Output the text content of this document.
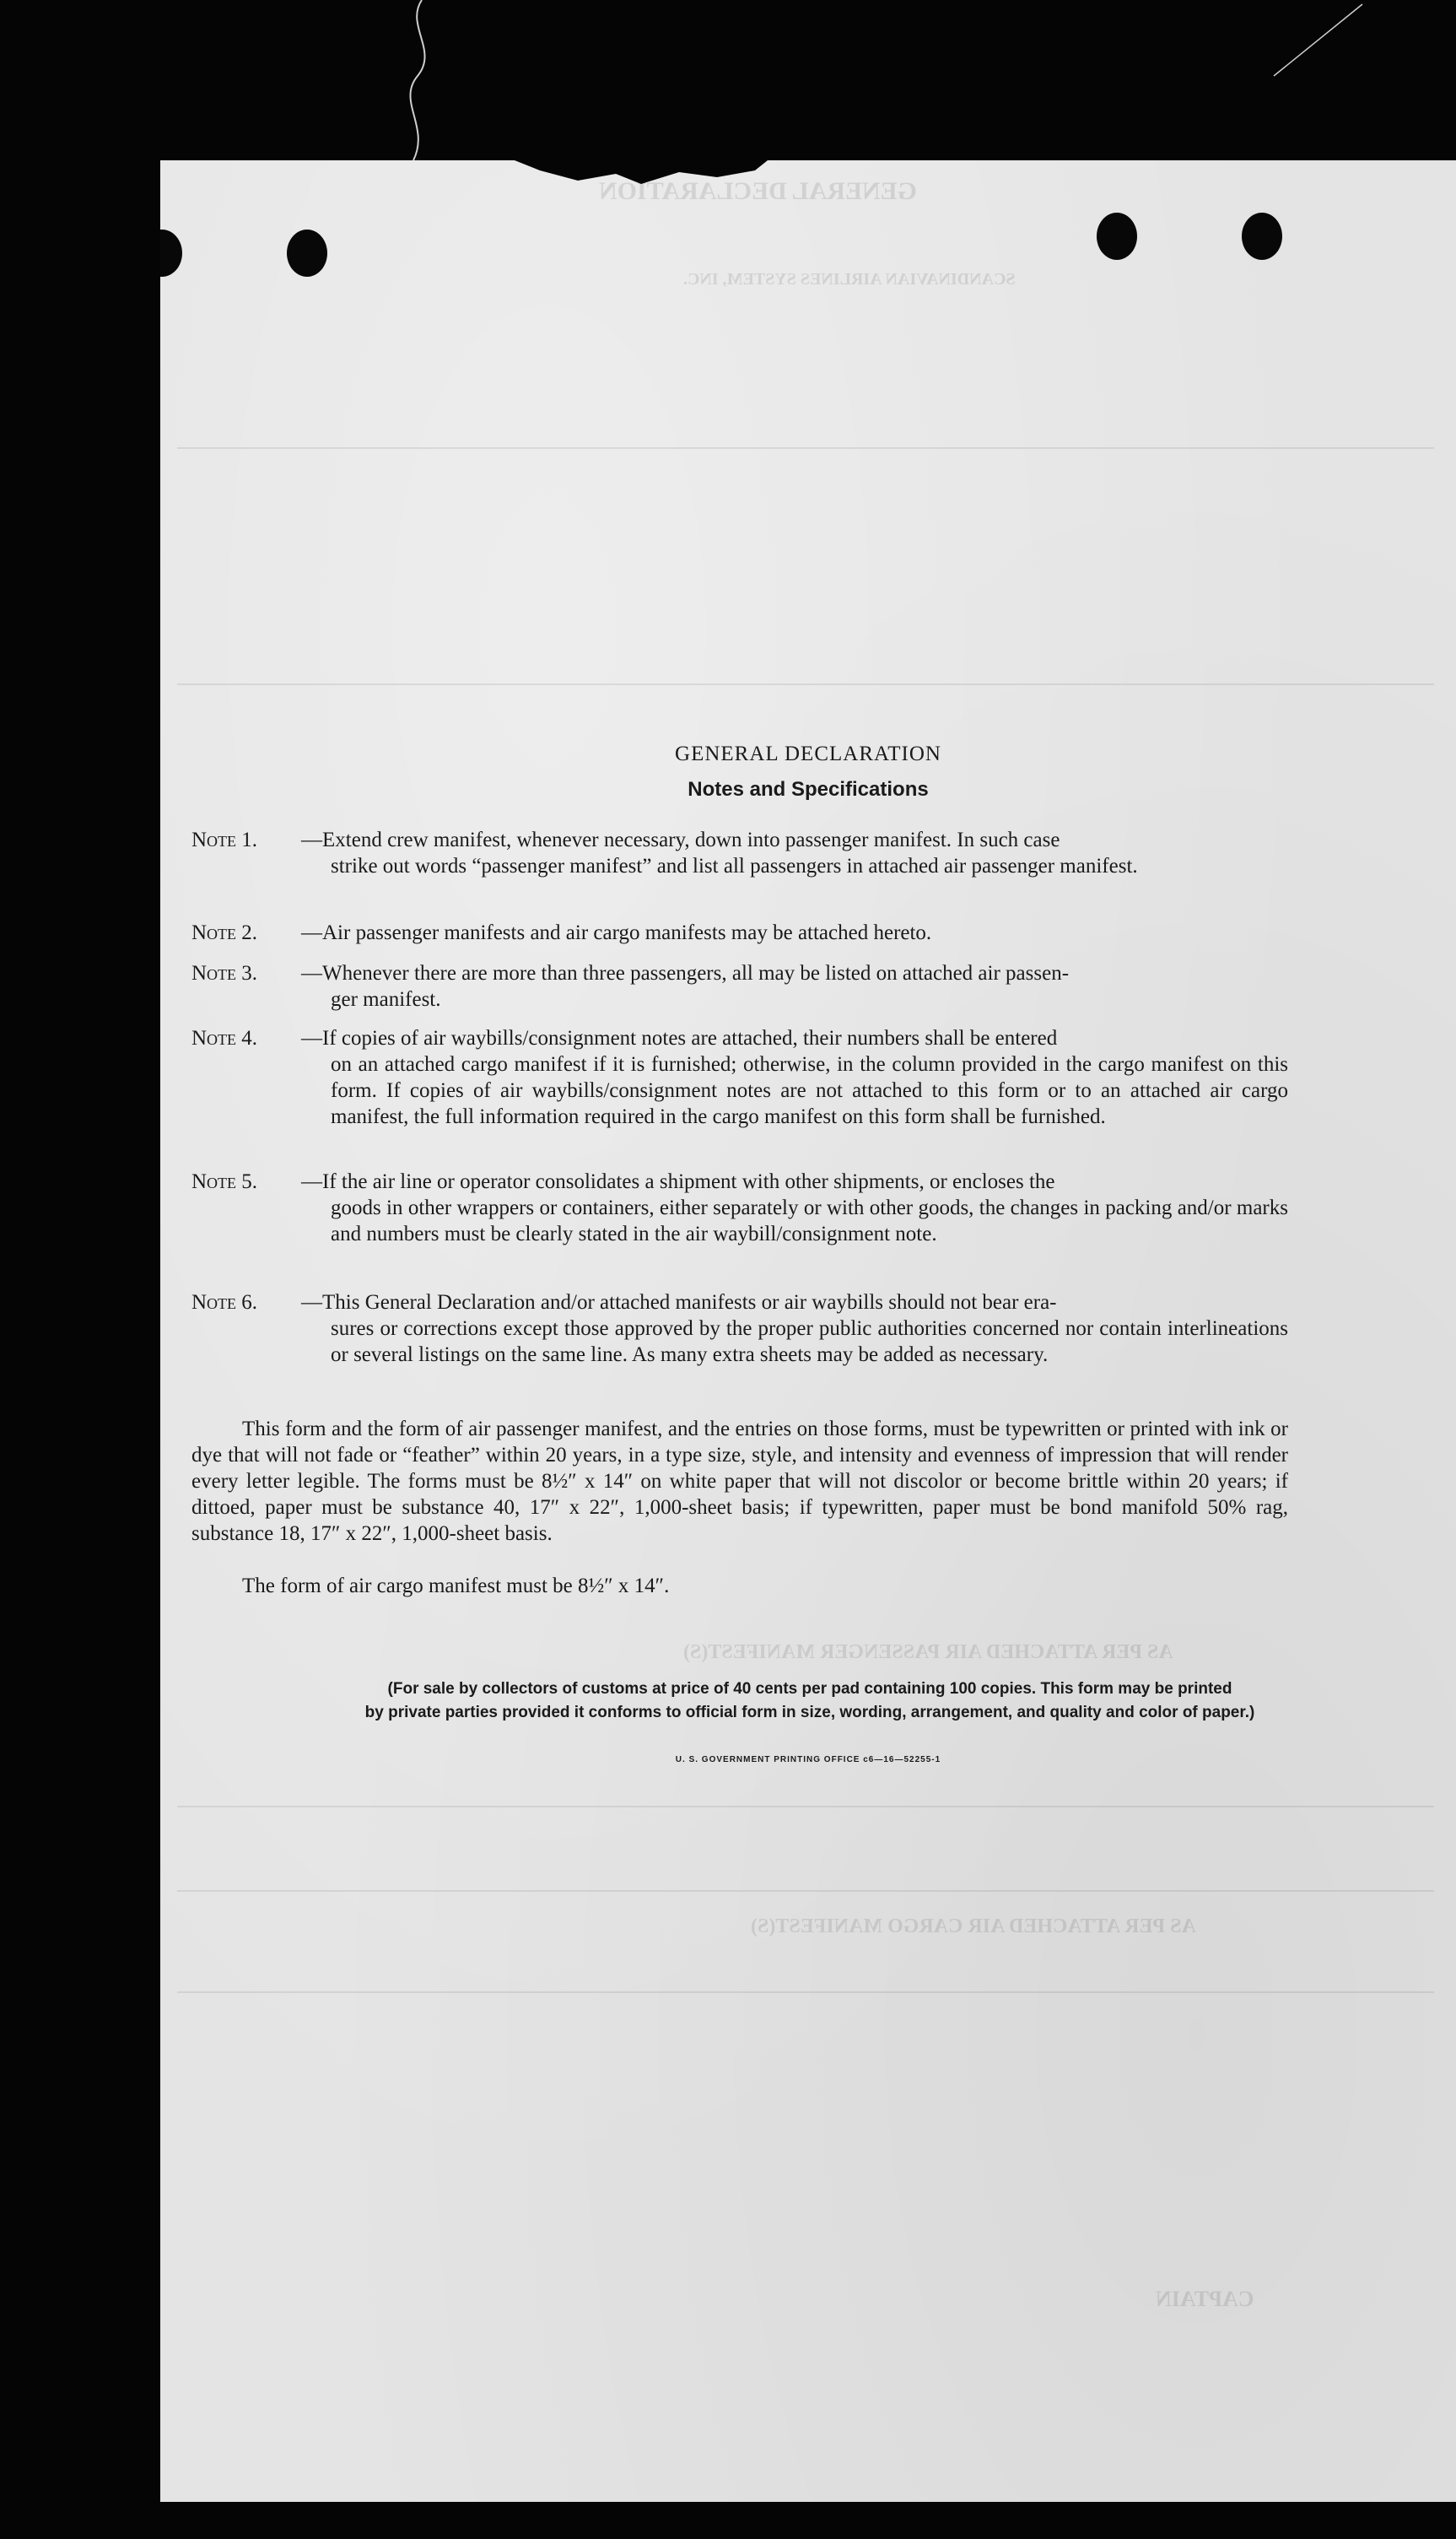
GENERAL DECLARATION
SCANDINAVIAN AIRLINES SYSTEM, INC.
AS PER ATTACHED AIR PASSENGER MANIFEST(S)
AS PER ATTACHED AIR CARGO MANIFEST(S)
CAPTAIN
GENERAL DECLARATION
Notes and Specifications
Note 1. —Extend crew manifest, whenever necessary, down into passenger manifest. In such case
strike out words “passenger manifest” and list all passengers in attached air passenger manifest.
Note 2. —Air passenger manifests and air cargo manifests may be attached hereto.
Note 3. —Whenever there are more than three passengers, all may be listed on attached air passen-
ger manifest.
Note 4. —If copies of air waybills/consignment notes are attached, their numbers shall be entered
on an attached cargo manifest if it is furnished; otherwise, in the column provided in the cargo manifest on this form. If copies of air waybills/consignment notes are not attached to this form or to an attached air cargo manifest, the full information required in the cargo manifest on this form shall be furnished.
Note 5. —If the air line or operator consolidates a shipment with other shipments, or encloses the
goods in other wrappers or containers, either separately or with other goods, the changes in packing and/or marks and numbers must be clearly stated in the air waybill/consignment note.
Note 6. —This General Declaration and/or attached manifests or air waybills should not bear era-
sures or corrections except those approved by the proper public authorities concerned nor contain interlineations or several listings on the same line. As many extra sheets may be added as necessary.
This form and the form of air passenger manifest, and the entries on those forms, must be typewritten or printed with ink or dye that will not fade or “feather” within 20 years, in a type size, style, and intensity and evenness of impression that will render every letter legible. The forms must be 8½″ x 14″ on white paper that will not discolor or become brittle within 20 years; if dittoed, paper must be substance 40, 17″ x 22″, 1,000-sheet basis; if typewritten, paper must be bond manifold 50% rag, substance 18, 17″ x 22″, 1,000-sheet basis.
The form of air cargo manifest must be 8½″ x 14″.
(For sale by collectors of customs at price of 40 cents per pad containing 100 copies. This form may be printed
by private parties provided it conforms to official form in size, wording, arrangement, and quality and color of paper.)
U. S. GOVERNMENT PRINTING OFFICE c6—16—52255-1
